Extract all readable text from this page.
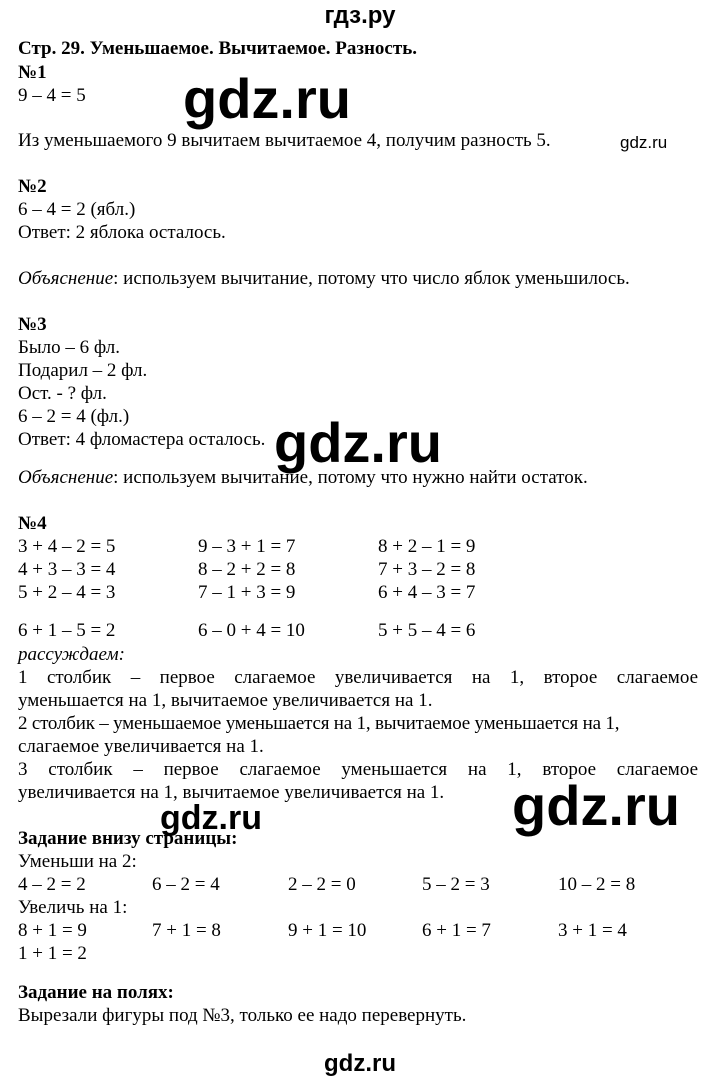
гдз.ру
Стр. 29. Уменьшаемое. Вычитаемое. Разность.
№1
9 – 4 = 5 gdz.ru
Из уменьшаемого 9 вычитаем вычитаемое 4, получим разность 5.	gdz.ru
№2
6 – 4 = 2 (ябл.)
Ответ: 2 яблока осталось.
Объяснение: используем вычитание, потому что число яблок уменьшилось.
№3
Было – 6 фл.
Подарил – 2 фл.
Ост. - ? фл.
6 – 2 = 4 (фл.)
Ответ: 4 фломастера осталось. gdz.ru
Объяснение: используем вычитание, потому что нужно найти остаток.
№4
3 + 4 – 2 = 5	9 – 3 + 1 = 7	8 + 2 – 1 = 9
4 + 3 – 3 = 4	8 – 2 + 2 = 8	7 + 3 – 2 = 8
5 + 2 – 4 = 3	7 – 1 + 3 = 9	6 + 4 – 3 = 7
6 + 1 – 5 = 2	6 – 0 + 4 = 10	5 + 5 – 4 = 6
рассуждаем:
1 столбик – первое слагаемое увеличивается на 1, второе слагаемое
уменьшается на 1, вычитаемое увеличивается на 1.
2 столбик – уменьшаемое уменьшается на 1, вычитаемое уменьшается на 1,
слагаемое увеличивается на 1.
3 столбик – первое слагаемое уменьшается на 1, второе слагаемое
увеличивается на 1, вычитаемое увеличивается на 1. gdz.ru
gdz.ru
Задание внизу страницы:
Уменьши на 2:
4 – 2 = 2	6 – 2 = 4	2 – 2 = 0	5 – 2 = 3	10 – 2 = 8
Увеличь на 1:
8 + 1 = 9	7 + 1 = 8	9 + 1 = 10	6 + 1 = 7	3 + 1 = 4
1 + 1 = 2
Задание на полях:
Вырезали фигуры под №3, только ее надо перевернуть.
gdz.ru
